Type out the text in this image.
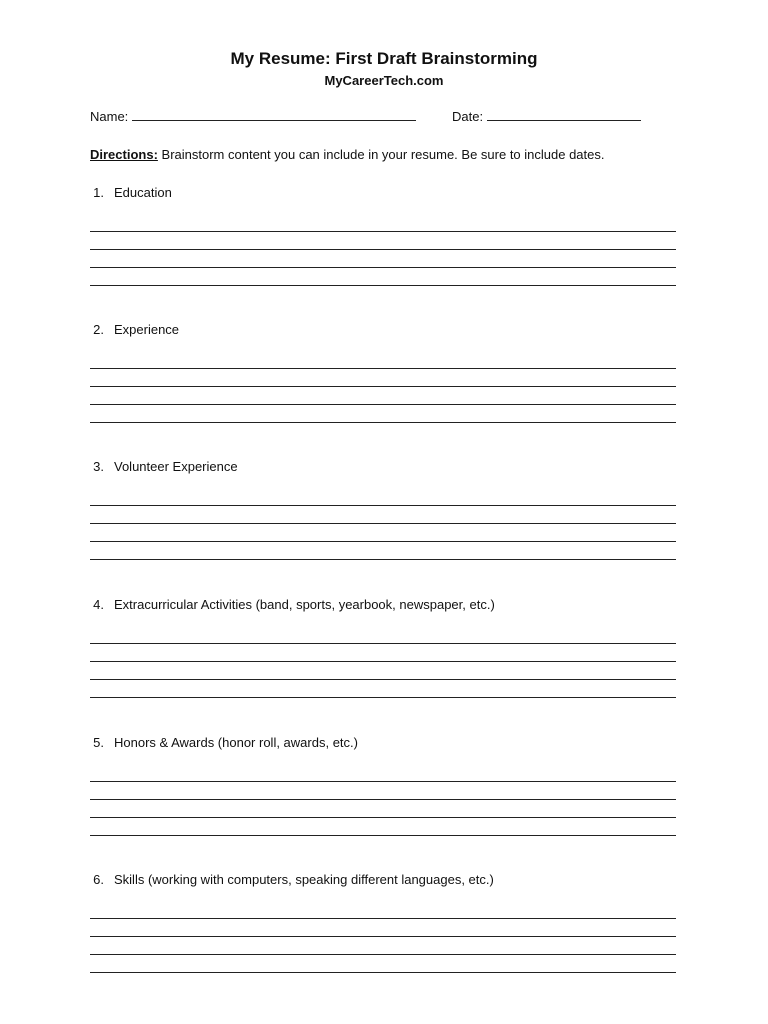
My Resume: First Draft Brainstorming
MyCareerTech.com
Name:	Date:
Directions: Brainstorm content you can include in your resume. Be sure to include dates.
1. Education
2. Experience
3. Volunteer Experience
4. Extracurricular Activities (band, sports, yearbook, newspaper, etc.)
5. Honors & Awards (honor roll, awards, etc.)
6. Skills (working with computers, speaking different languages, etc.)
